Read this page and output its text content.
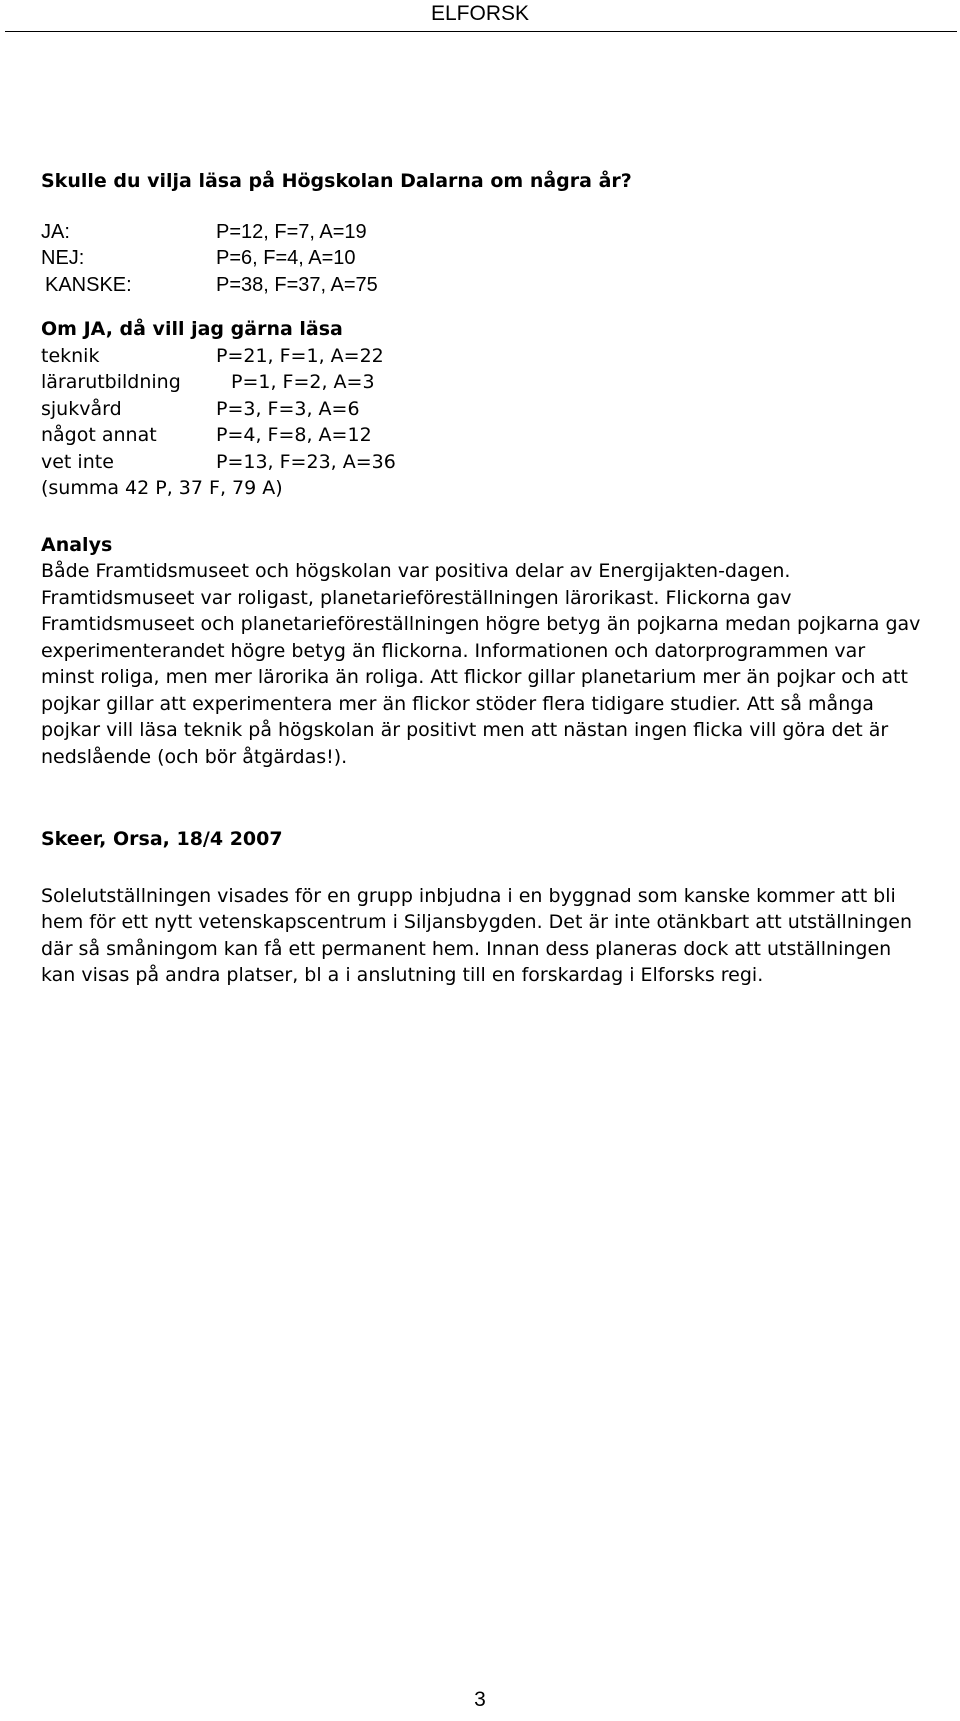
ELFORSK
Skulle du vilja läsa på Högskolan Dalarna om några år?
JA:	P=12, F=7, A=19
NEJ:	P=6, F=4, A=10
KANSKE:	P=38, F=37, A=75
Om JA, då vill jag gärna läsa
teknik	P=21, F=1, A=22
lärarutbildning	P=1, F=2, A=3
sjukvård	P=3, F=3, A=6
något annat	P=4, F=8, A=12
vet inte	P=13, F=23, A=36
(summa 42 P, 37 F, 79 A)
Analys

Både Framtidsmuseet och högskolan var positiva delar av Energijakten-dagen. Framtidsmuseet var roligast, planetarieföreställningen lärorikast. Flickorna gav Framtidsmuseet och planetarieföreställningen högre betyg än pojkarna medan pojkarna gav experimenterandet högre betyg än flickorna. Informationen och datorprogrammen var minst roliga, men mer lärorika än roliga. Att flickor gillar planetarium mer än pojkar och att pojkar gillar att experimentera mer än flickor stöder flera tidigare studier. Att så många pojkar vill läsa teknik på högskolan är positivt men att nästan ingen flicka vill göra det är nedslående (och bör åtgärdas!).

Skeer, Orsa, 18/4 2007

Solelutställningen visades för en grupp inbjudna i en byggnad som kanske kommer att bli hem för ett nytt vetenskapscentrum i Siljansbygden. Det är inte otänkbart att utställningen där så småningom kan få ett permanent hem. Innan dess planeras dock att utställningen kan visas på andra platser, bl a i anslutning till en forskardag i Elforsks regi.

3
